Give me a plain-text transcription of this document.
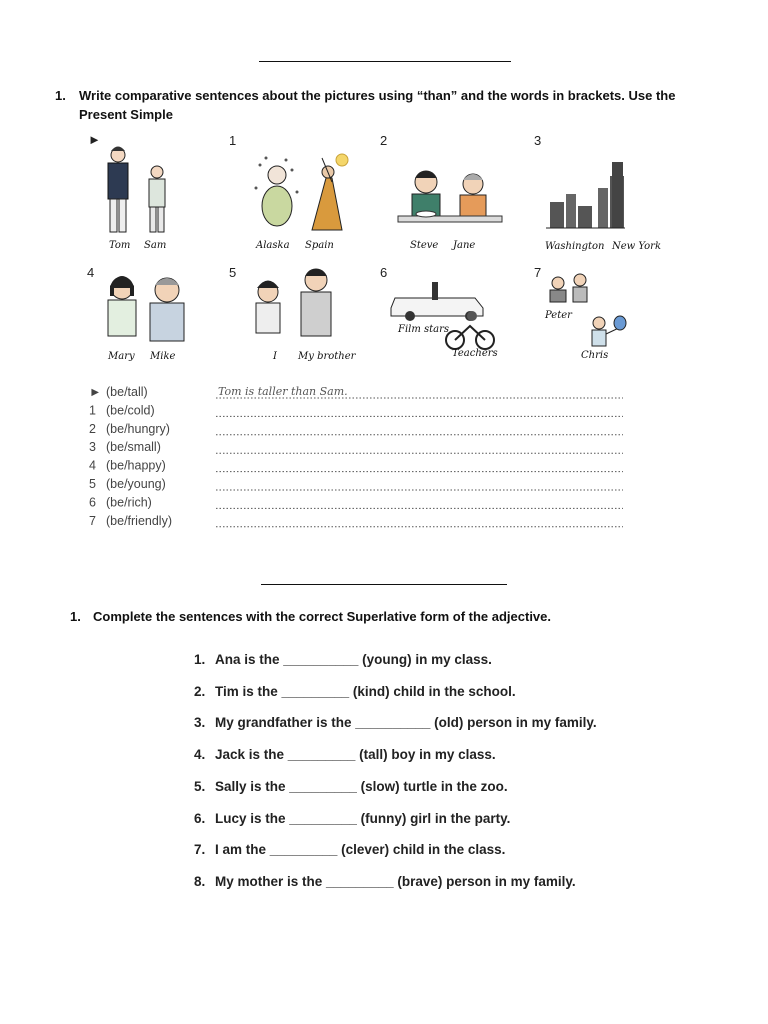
1.	Write comparative sentences about the pictures using “than” and the words in brackets. Use the
Present Simple
►
Tom Sam
1
Alaska Spain
2
Steve Jane
3
Washington New York
4
Mary Mike
5
I My brother
6
Film stars
Teachers
7
Peter
Chris
► (be/tall)	Tom is taller than Sam.
1 (be/cold)
2 (be/hungry)
3 (be/small)
4 (be/happy)
5 (be/young)
6 (be/rich)
7 (be/friendly)
1. Complete the sentences with the correct Superlative form of the adjective.
1. Ana is the __________ (young) in my class.
2. Tim is the _________ (kind) child in the school.
3. My grandfather is the __________ (old) person in my family.
4. Jack is the _________ (tall) boy in my class.
5. Sally is the _________ (slow) turtle in the zoo.
6. Lucy is the _________ (funny) girl in the party.
7. I am the _________ (clever) child in the class.
8. My mother is the _________ (brave) person in my family.
